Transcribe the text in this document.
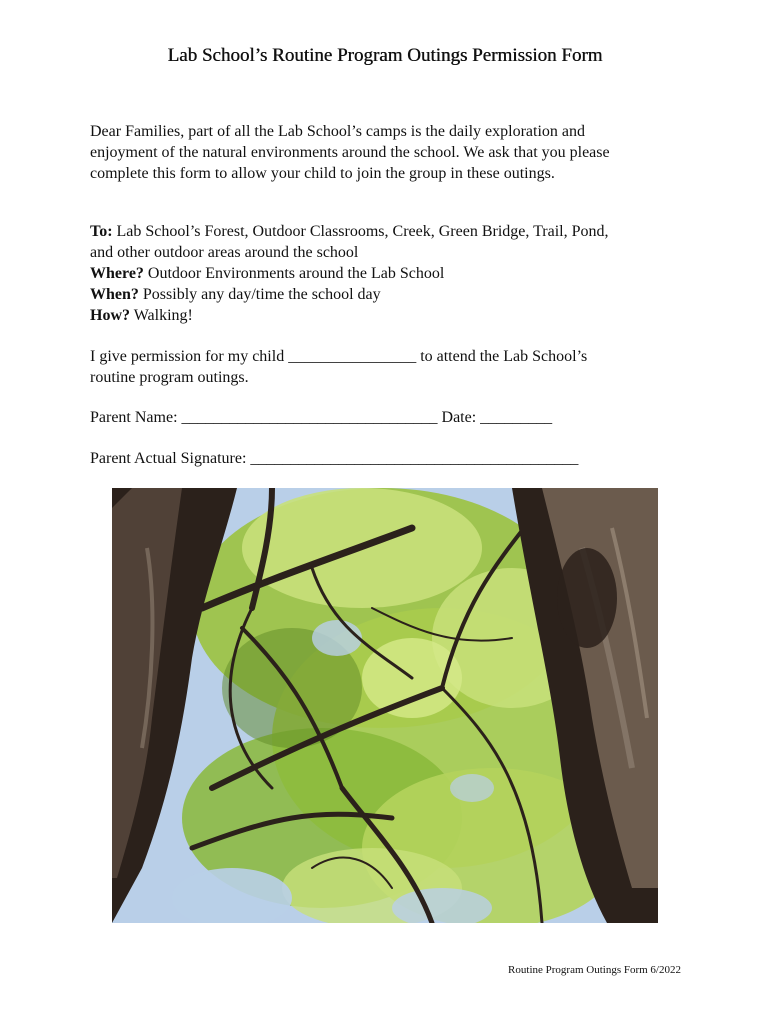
Lab School’s Routine Program Outings Permission Form
Dear Families, part of all the Lab School’s camps is the daily exploration and
enjoyment of the natural environments around the school. We ask that you please
complete this form to allow your child to join the group in these outings.
To: Lab School’s Forest, Outdoor Classrooms, Creek, Green Bridge, Trail, Pond,
and other outdoor areas around the school
Where? Outdoor Environments around the Lab School
When? Possibly any day/time the school day
How? Walking!
I give permission for my child ________________ to attend the Lab School’s
routine program outings.
Parent Name: ________________________________ Date: _________
Parent Actual Signature: _________________________________________
Routine Program Outings Form 6/2022
